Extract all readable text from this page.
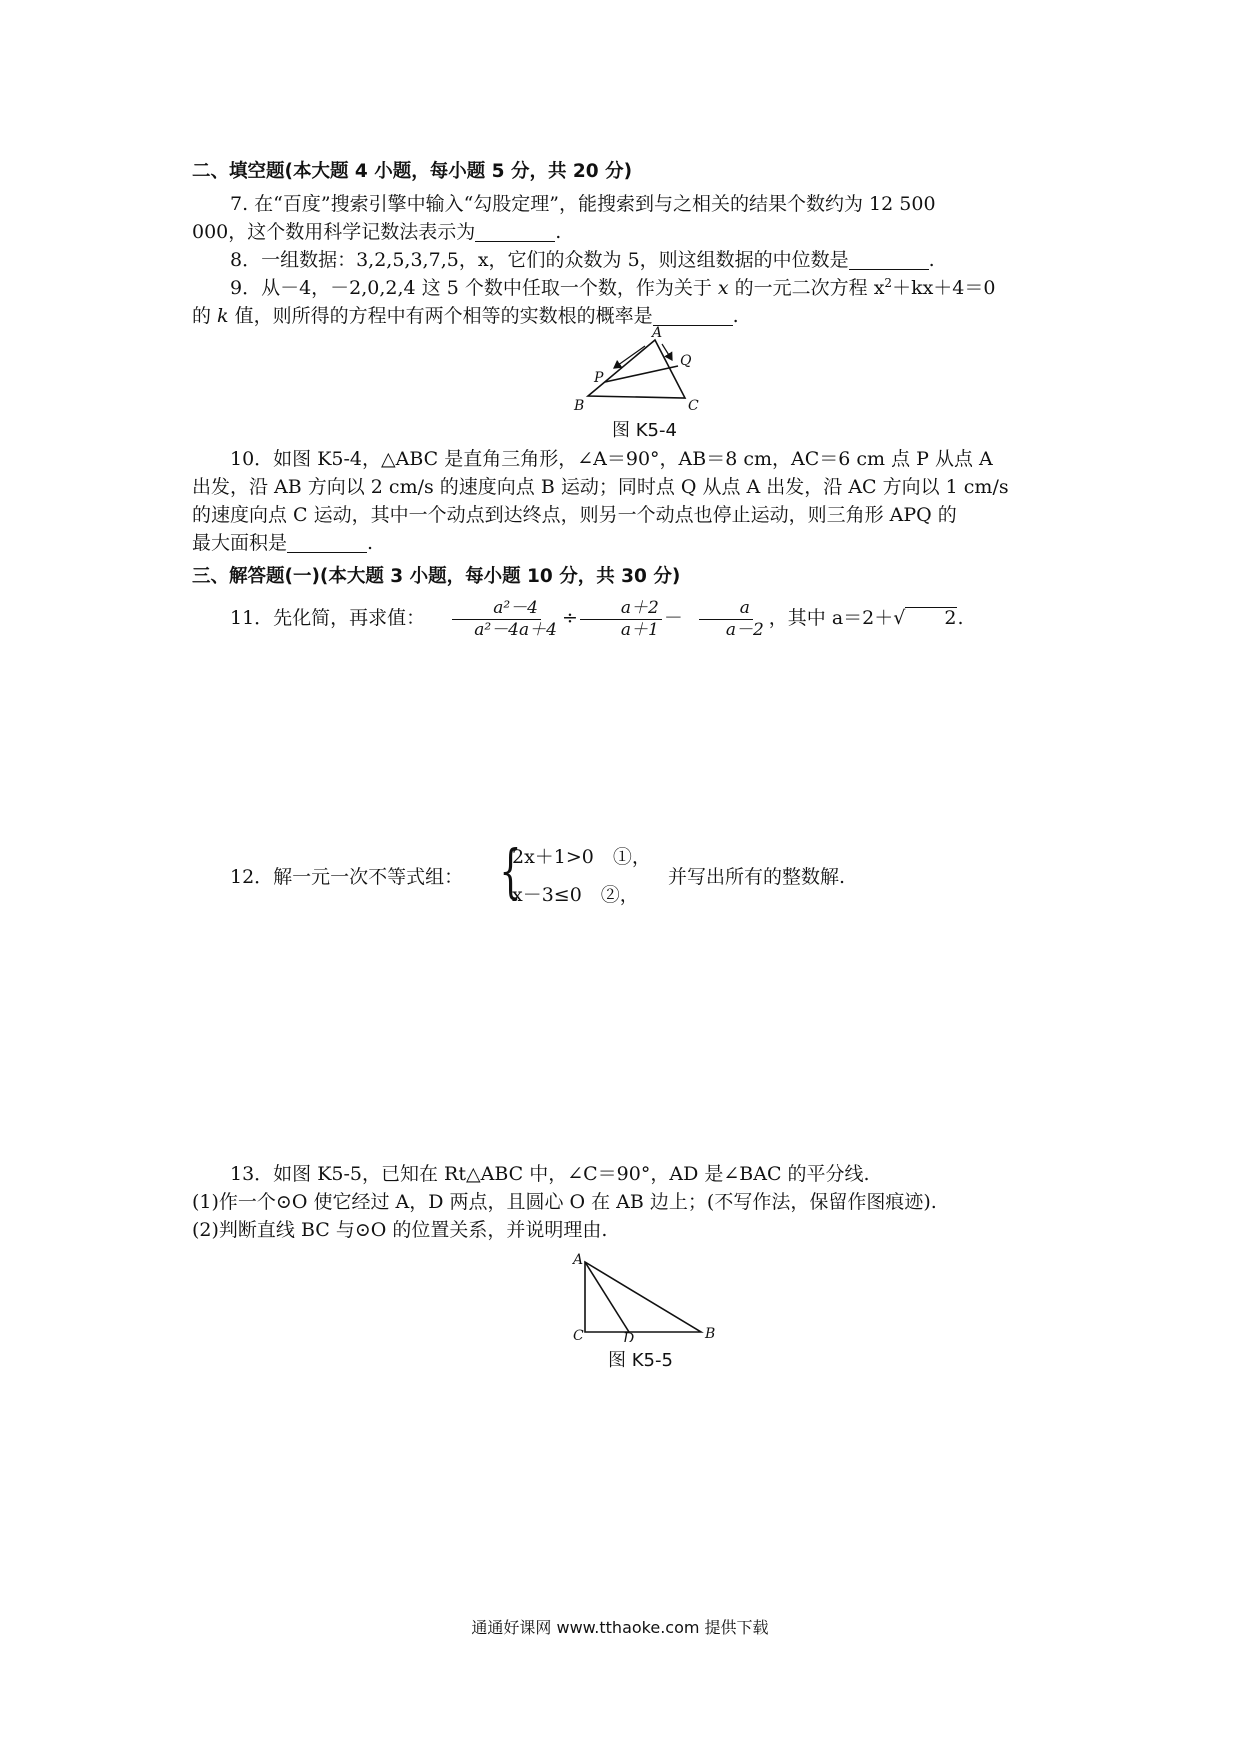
二、填空题(本大题 4 小题，每小题 5 分，共 20 分)
7. 在“百度”搜索引擎中输入“勾股定理”，能搜索到与之相关的结果个数约为 12 500
000，这个数用科学记数法表示为	.
8．一组数据：3,2,5,3,7,5，x，它们的众数为 5，则这组数据的中位数是	.
9．从－4，－2,0,2,4 这 5 个数中任取一个数，作为关于 x 的一元二次方程 $x^2+kx+4=0$
的 k 值，则所得的方程中有两个相等的实数根的概率是	.
A
B	C
P
Q
图 K5-4
10．如图 K5-4，△ABC 是直角三角形，∠A＝90°，AB＝8 cm，AC＝6 cm 点 P 从点 A
出发，沿 AB 方向以 2 cm/s 的速度向点 B 运动；同时点 Q 从点 A 出发，沿 AC 方向以 1 cm/s
的速度向点 C 运动，其中一个动点到达终点，则另一个动点也停止运动，则三角形 APQ 的
最大面积是	.
三、解答题(一)(本大题 3 小题，每小题 10 分，共 30 分)
11．先化简，再求值： $\frac{\text{a²－4}}{\text{a²－4a＋4}} \div \frac{a+2}{a+1} - \frac{a}{a-2}$ ，其中 a＝2＋√ 2.
12．解一元一次不等式组： {
2x＋1>0　①，
x－3≤0　②，
并写出所有的整数解.
13．如图 K5-5，已知在 Rt△ABC 中，∠C＝90°，AD 是∠BAC 的平分线.
(1)作一个⊙O 使它经过 A，D 两点，且圆心 O 在 AB 边上；(不写作法，保留作图痕迹).
(2)判断直线 BC 与⊙O 的位置关系，并说明理由.
A
C	D	B
图 K5-5
通通好课网 www.tthaoke.com 提供下载
